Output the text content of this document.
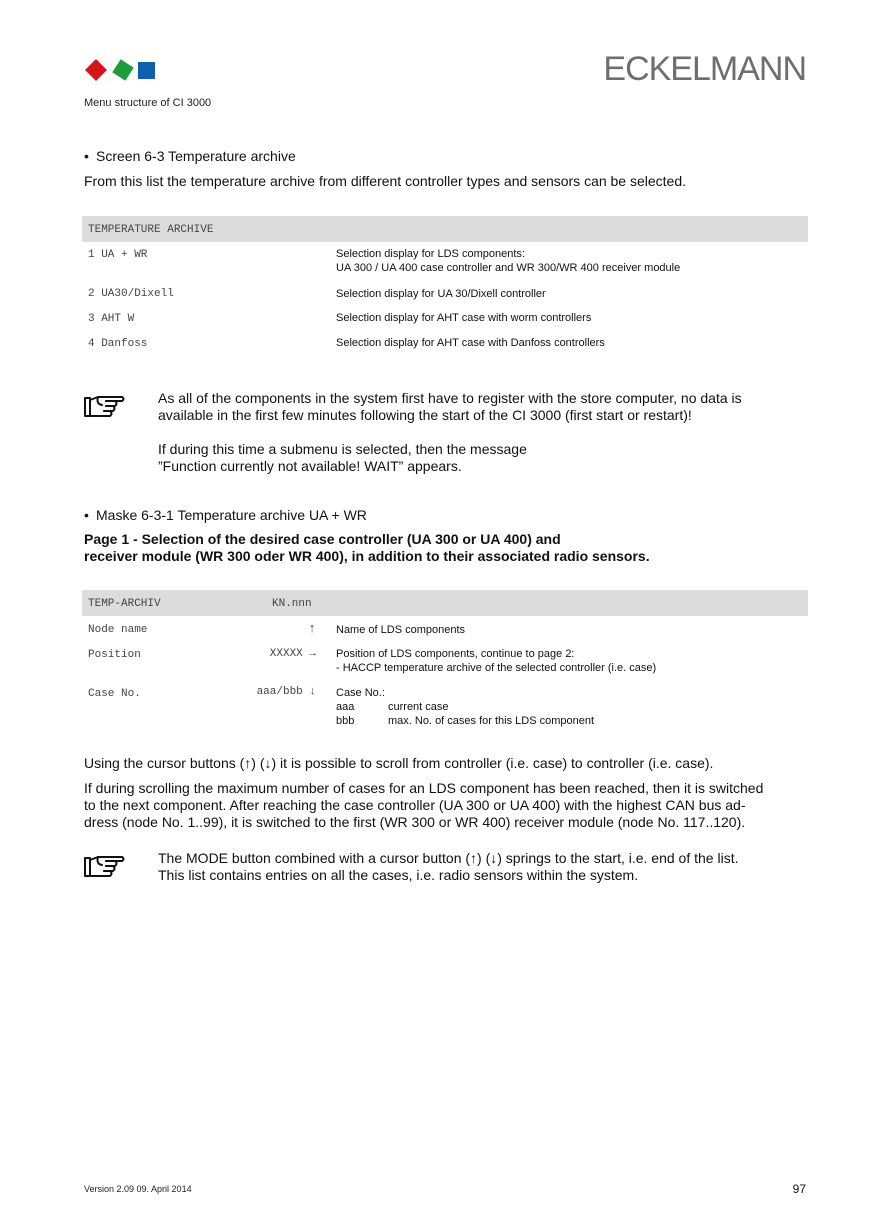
ECKELMANN
Menu structure of CI 3000
• Screen 6-3 Temperature archive
From this list the temperature archive from different controller types and sensors can be selected.
TEMPERATURE ARCHIVE
1 UA + WR	Selection display for LDS components:
UA 300 / UA 400 case controller and WR 300/WR 400 receiver module
2 UA30/Dixell	Selection display for UA 30/Dixell controller
3 AHT W	Selection display for AHT case with worm controllers
4 Danfoss	Selection display for AHT case with Danfoss controllers
As all of the components in the system first have to register with the store computer, no data is
available in the first few minutes following the start of the CI 3000 (first start or restart)!
If during this time a submenu is selected, then the message
”Function currently not available! WAIT” appears.
• Maske 6-3-1 Temperature archive UA + WR
Page 1 - Selection of the desired case controller (UA 300 or UA 400) and
receiver module (WR 300 oder WR 400), in addition to their associated radio sensors.
TEMP-ARCHIV	KN.nnn
Node name	↑ Name of LDS components
Position	XXXXX → Position of LDS components, continue to page 2:
- HACCP temperature archive of the selected controller (i.e. case)
Case No.	aaa/bbb ↓ Case No.:
aaa	current case
bbb	max. No. of cases for this LDS component
Using the cursor buttons (↑) (↓) it is possible to scroll from controller (i.e. case) to controller (i.e. case).
If during scrolling the maximum number of cases for an LDS component has been reached, then it is switched
to the next component. After reaching the case controller (UA 300 or UA 400) with the highest CAN bus ad-
dress (node No. 1..99), it is switched to the first (WR 300 or WR 400) receiver module (node No. 117..120).
The MODE button combined with a cursor button (↑) (↓) springs to the start, i.e. end of the list.
This list contains entries on all the cases, i.e. radio sensors within the system.
Version 2.09 09. April 2014	97
